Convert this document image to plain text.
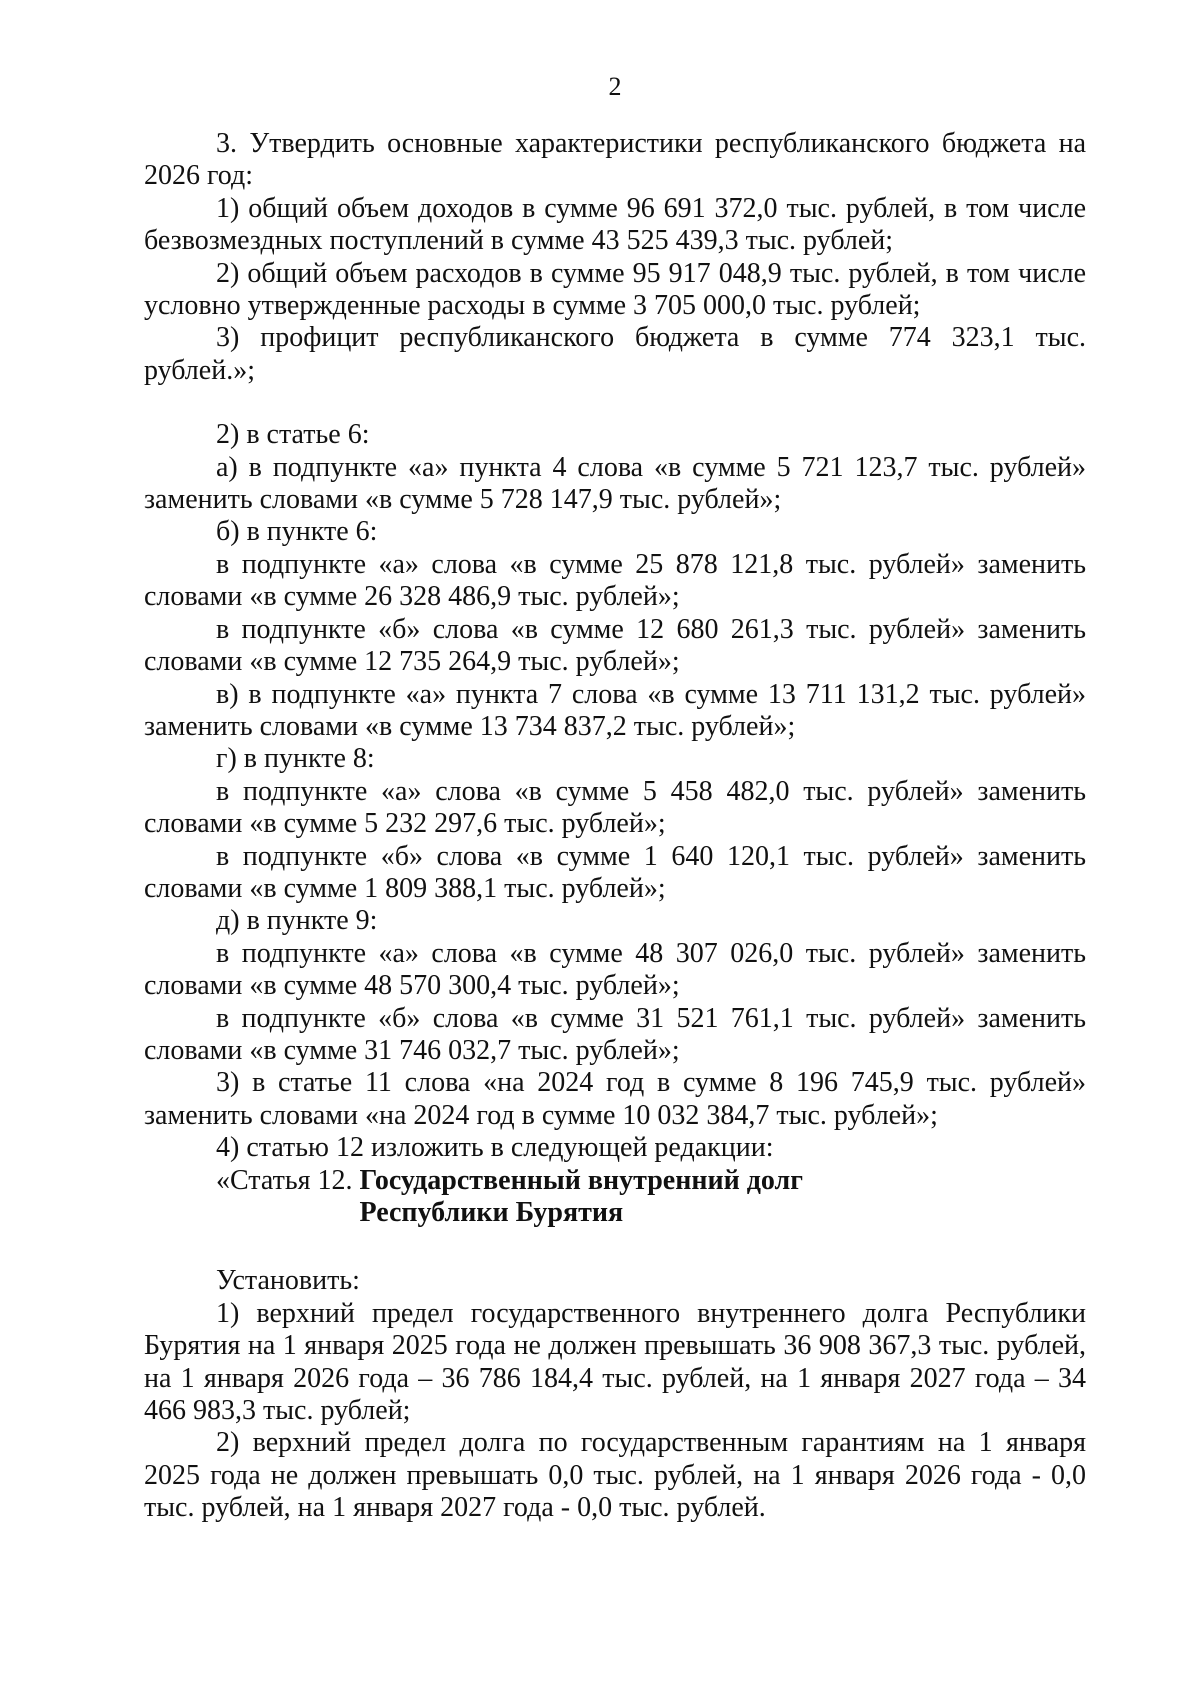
2

3. Утвердить основные характеристики республиканского бюджета на 2026 год:

1) общий объем доходов в сумме 96 691 372,0 тыс. рублей, в том числе безвозмездных поступлений в сумме 43 525 439,3 тыс. рублей;

2) общий объем расходов в сумме 95 917 048,9 тыс. рублей, в том числе условно утвержденные расходы в сумме 3 705 000,0 тыс. рублей;

3) профицит республиканского бюджета в сумме 774 323,1 тыс. рублей.»;

2) в статье 6:

а) в подпункте «а» пункта 4 слова «в сумме 5 721 123,7 тыс. рублей» заменить словами «в сумме 5 728 147,9 тыс. рублей»;

б) в пункте 6:

в подпункте «а» слова «в сумме 25 878 121,8 тыс. рублей» заменить словами «в сумме 26 328 486,9 тыс. рублей»;

в подпункте «б» слова «в сумме 12 680 261,3 тыс. рублей» заменить словами «в сумме 12 735 264,9 тыс. рублей»;

в) в подпункте «а» пункта 7 слова «в сумме 13 711 131,2 тыс. рублей» заменить словами «в сумме 13 734 837,2 тыс. рублей»;

г) в пункте 8:

в подпункте «а» слова «в сумме 5 458 482,0 тыс. рублей» заменить словами «в сумме 5 232 297,6 тыс. рублей»;

в подпункте «б» слова «в сумме 1 640 120,1 тыс. рублей» заменить словами «в сумме 1 809 388,1 тыс. рублей»;

д) в пункте 9:

в подпункте «а» слова «в сумме 48 307 026,0 тыс. рублей» заменить словами «в сумме 48 570 300,4 тыс. рублей»;

в подпункте «б» слова «в сумме 31 521 761,1 тыс. рублей» заменить словами «в сумме 31 746 032,7 тыс. рублей»;

3) в статье 11 слова «на 2024 год в сумме 8 196 745,9 тыс. рублей» заменить словами «на 2024 год в сумме 10 032 384,7 тыс. рублей»;

4) статью 12 изложить в следующей редакции:

«Статья 12. Государственный внутренний долг Республики Бурятия

Установить:

1) верхний предел государственного внутреннего долга Республики Бурятия на 1 января 2025 года не должен превышать 36 908 367,3 тыс. рублей, на 1 января 2026 года – 36 786 184,4 тыс. рублей, на 1 января 2027 года – 34 466 983,3 тыс. рублей;

2) верхний предел долга по государственным гарантиям на 1 января 2025 года не должен превышать 0,0 тыс. рублей, на 1 января 2026 года - 0,0 тыс. рублей, на 1 января 2027 года - 0,0 тыс. рублей.
